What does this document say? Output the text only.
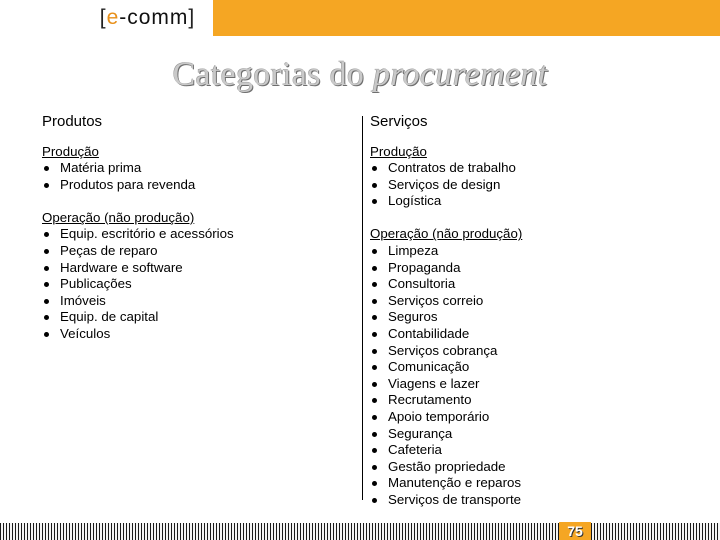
[ e -comm ]
Categorias do procurement
Produtos
Produção
Matéria prima
Produtos para revenda
Operação (não produção)
Equip. escritório e acessórios
Peças de reparo
Hardware e software
Publicações
Imóveis
Equip. de capital
Veículos
Serviços
Produção
Contratos de trabalho
Serviços de design
Logística
Operação (não produção)
Limpeza
Propaganda
Consultoria
Serviços correio
Seguros
Contabilidade
Serviços cobrança
Comunicação
Viagens e lazer
Recrutamento
Apoio temporário
Segurança
Cafeteria
Gestão propriedade
Manutenção e reparos
Serviços de transporte
75
